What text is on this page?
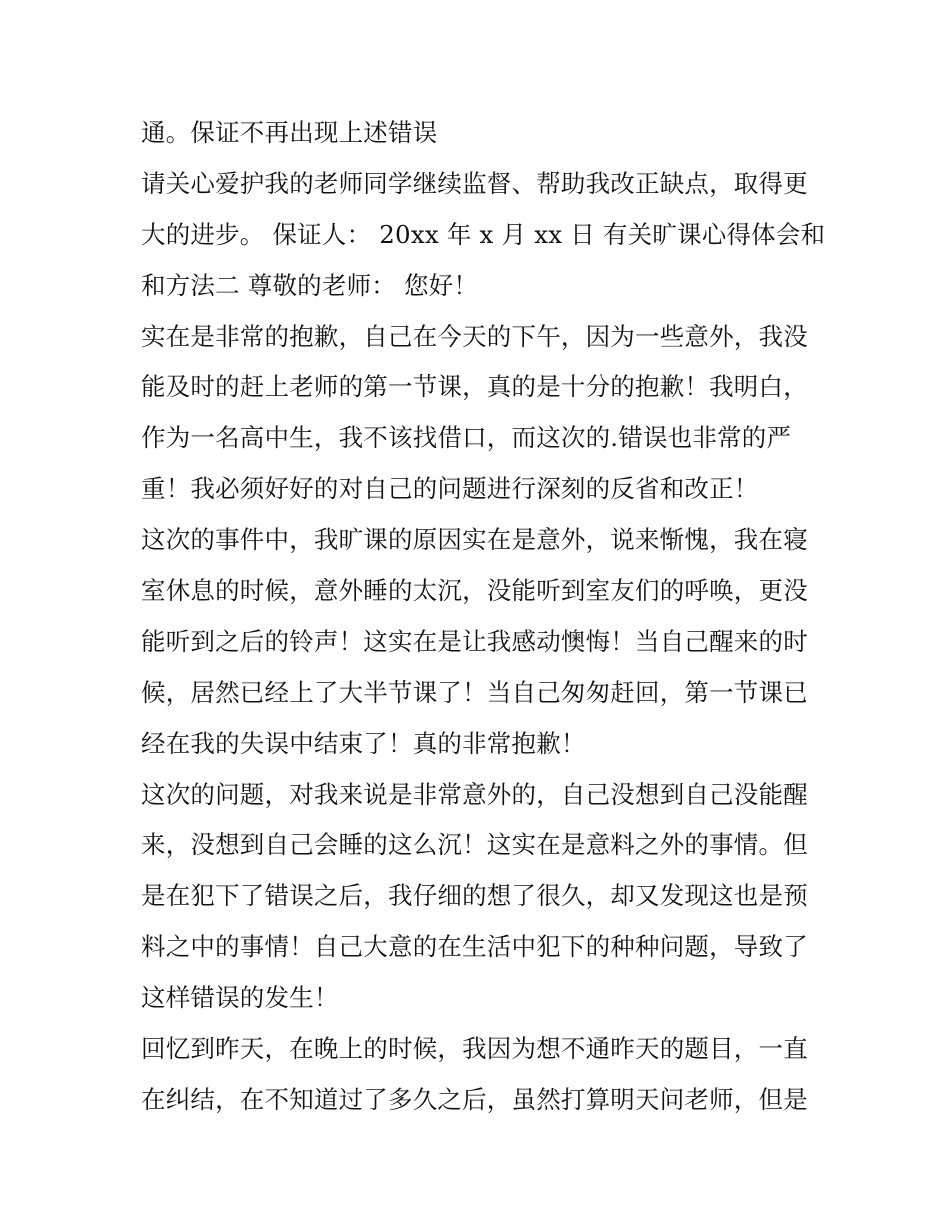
通。保证不再出现上述错误
请关心爱护我的老师同学继续监督、帮助我改正缺点，取得更
大的进步。 保证人： 20xx 年 x 月 xx 日 有关旷课心得体会和
和方法二 尊敬的老师： 您好！
实在是非常的抱歉，自己在今天的下午，因为一些意外，我没
能及时的赶上老师的第一节课，真的是十分的抱歉！我明白，
作为一名高中生，我不该找借口，而这次的.错误也非常的严
重！我必须好好的对自己的问题进行深刻的反省和改正！
这次的事件中，我旷课的原因实在是意外，说来惭愧，我在寝
室休息的时候，意外睡的太沉，没能听到室友们的呼唤，更没
能听到之后的铃声！这实在是让我感动懊悔！当自己醒来的时
候，居然已经上了大半节课了！当自己匆匆赶回，第一节课已
经在我的失误中结束了！真的非常抱歉！
这次的问题，对我来说是非常意外的，自己没想到自己没能醒
来，没想到自己会睡的这么沉！这实在是意料之外的事情。但
是在犯下了错误之后，我仔细的想了很久，却又发现这也是预
料之中的事情！自己大意的在生活中犯下的种种问题，导致了
这样错误的发生！
回忆到昨天，在晚上的时候，我因为想不通昨天的题目，一直
在纠结，在不知道过了多久之后，虽然打算明天问老师，但是
